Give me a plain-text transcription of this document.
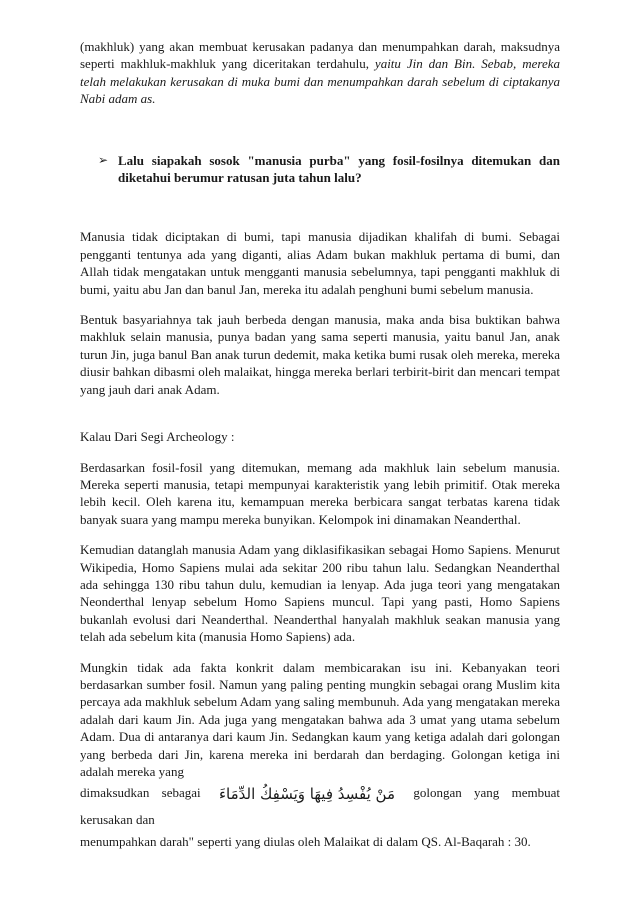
(makhluk) yang akan membuat kerusakan padanya dan menumpahkan darah, maksudnya seperti makhluk-makhluk yang diceritakan terdahulu, yaitu Jin dan Bin. Sebab, mereka telah melakukan kerusakan di muka bumi dan menumpahkan darah sebelum di ciptakanya Nabi adam as.

➢ Lalu siapakah sosok "manusia purba" yang fosil-fosilnya ditemukan dan diketahui berumur ratusan juta tahun lalu?

Manusia tidak diciptakan di bumi, tapi manusia dijadikan khalifah di bumi. Sebagai pengganti tentunya ada yang diganti, alias Adam bukan makhluk pertama di bumi, dan Allah tidak mengatakan untuk mengganti manusia sebelumnya, tapi pengganti makhluk di bumi, yaitu abu Jan dan banul Jan, mereka itu adalah penghuni bumi sebelum manusia.

Bentuk basyariahnya tak jauh berbeda dengan manusia, maka anda bisa buktikan bahwa makhluk selain manusia, punya badan yang sama seperti manusia, yaitu banul Jan, anak turun Jin, juga banul Ban anak turun dedemit, maka ketika bumi rusak oleh mereka, mereka diusir bahkan dibasmi oleh malaikat, hingga mereka berlari terbirit-birit dan mencari tempat yang jauh dari anak Adam.

Kalau Dari Segi Archeology :

Berdasarkan fosil-fosil yang ditemukan, memang ada makhluk lain sebelum manusia. Mereka seperti manusia, tetapi mempunyai karakteristik yang lebih primitif. Otak mereka lebih kecil. Oleh karena itu, kemampuan mereka berbicara sangat terbatas karena tidak banyak suara yang mampu mereka bunyikan. Kelompok ini dinamakan Neanderthal.

Kemudian datanglah manusia Adam yang diklasifikasikan sebagai Homo Sapiens. Menurut Wikipedia, Homo Sapiens mulai ada sekitar 200 ribu tahun lalu. Sedangkan Neanderthal ada sehingga 130 ribu tahun dulu, kemudian ia lenyap. Ada juga teori yang mengatakan Neonderthal lenyap sebelum Homo Sapiens muncul. Tapi yang pasti, Homo Sapiens bukanlah evolusi dari Neanderthal. Neanderthal hanyalah makhluk seakan manusia yang telah ada sebelum kita (manusia Homo Sapiens) ada.

Mungkin tidak ada fakta konkrit dalam membicarakan isu ini. Kebanyakan teori berdasarkan sumber fosil. Namun yang paling penting mungkin sebagai orang Muslim kita percaya ada makhluk sebelum Adam yang saling membunuh. Ada yang mengatakan mereka adalah dari kaum Jin. Ada juga yang mengatakan bahwa ada 3 umat yang utama sebelum Adam. Dua di antaranya dari kaum Jin. Sedangkan kaum yang ketiga adalah dari golongan yang berbeda dari Jin, karena mereka ini berdarah dan berdaging. Golongan ketiga ini adalah mereka yang

dimaksudkan sebagai مَنْ يُفْسِدُ فِيهَا وَيَسْفِكُ الدِّمَاءَ golongan yang membuat kerusakan dan

menumpahkan darah" seperti yang diulas oleh Malaikat di dalam QS. Al-Baqarah : 30.
